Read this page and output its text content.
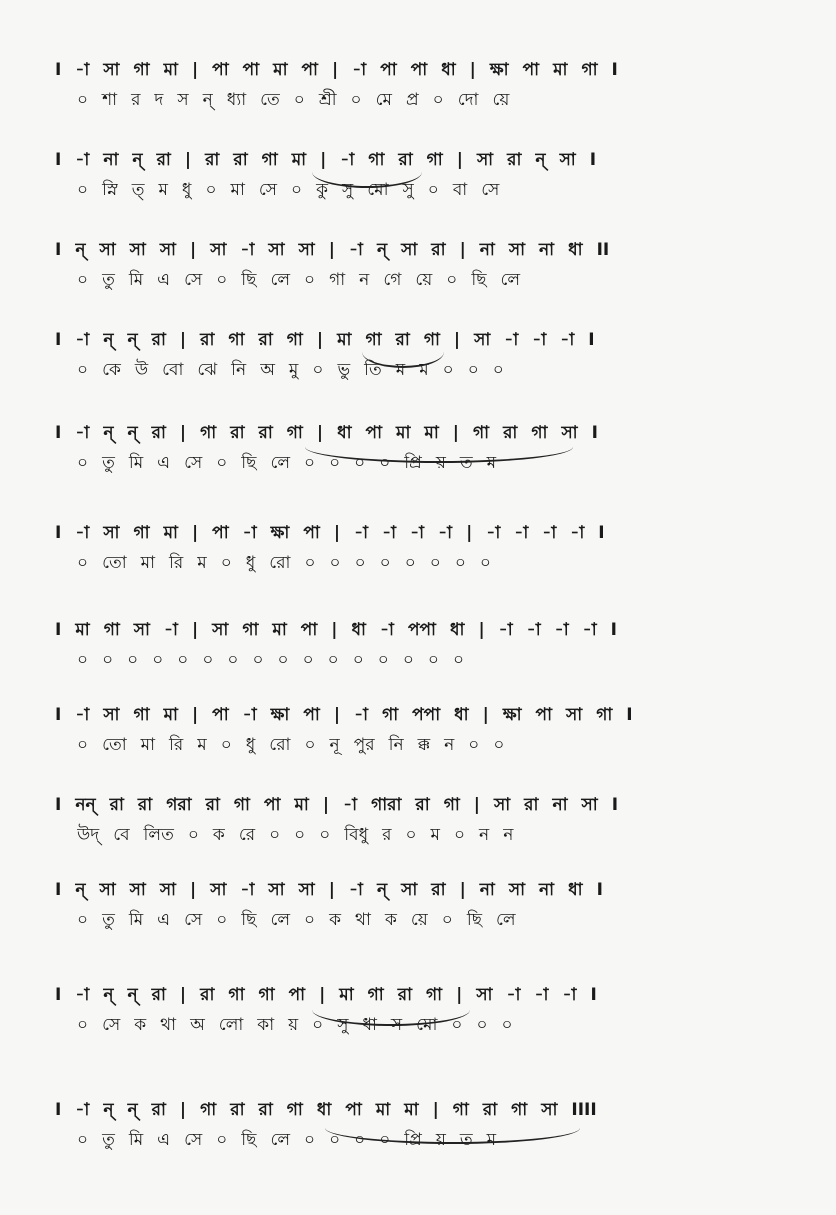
I -া সা গা মা | পা পা মা পা | -া পা পা ধা | ক্ষা পা মা গা I
০ শা র দ স ন্ ধ্যা তে ০ শ্রী ০ মে প্র ০ দো য়ে
I -া না ন্ রা | রা রা গা মা | -া গা রা গা | সা রা ন্ সা I
০ স্নি ত্ ম ধু ০ মা সে ০ কু সু মো সু ০ বা সে
I ন্ সা সা সা | সা -া সা সা | -া ন্ সা রা | না সা না ধা II
০ তু মি এ সে ০ ছি লে ০ গা ন গে য়ে ০ ছি লে
I -া ন্ ন্ রা | রা গা রা গা | মা গা রা গা | সা -া -া -া I
০ কে উ বো ঝে নি অ মু ০ ভু তি ম ম ০ ০ ০
I -া ন্ ন্ রা | গা রা রা গা | ধা পা মা মা | গা রা গা সা I
০ তু মি এ সে ০ ছি লে ০ ০ ০ ০ প্রি য় ত ম
I -া সা গা মা | পা -া ক্ষা পা | -া -া -া -া | -া -া -া -া I
০ তো মা রি ম ০ ধু রো ০ ০ ০ ০ ০ ০ ০ ০
I মা গা সা -া | সা গা মা পা | ধা -া পপা ধা | -া -া -া -া I
০ ০ ০ ০ ০ ০ ০ ০ ০ ০ ০ ০ ০ ০ ০ ০
I -া সা গা মা | পা -া ক্ষা পা | -া গা পপা ধা | ক্ষা পা সা গা I
০ তো মা রি ম ০ ধু রো ০ নূ পুর নি ক্ক ন ০ ০
I নন্ রা রা গরা রা গা পা মা | -া গারা রা গা | সা রা না সা I
উদ্ বে লিত ০ ক রে ০ ০ ০ বিধু র ০ ম ০ ন ন
I ন্ সা সা সা | সা -া সা সা | -া ন্ সা রা | না সা না ধা I
০ তু মি এ সে ০ ছি লে ০ ক থা ক য়ে ০ ছি লে
I -া ন্ ন্ রা | রা গা গা পা | মা গা রা গা | সা -া -া -া I
০ সে ক থা অ লো কা য় ০ সু ধা স মো ০ ০ ০
I -া ন্ ন্ রা | গা রা রা গা ধা পা মা মা | গা রা গা সা IIII
০ তু মি এ সে ০ ছি লে ০ ০ ০ ০ প্রি য় ত ম
